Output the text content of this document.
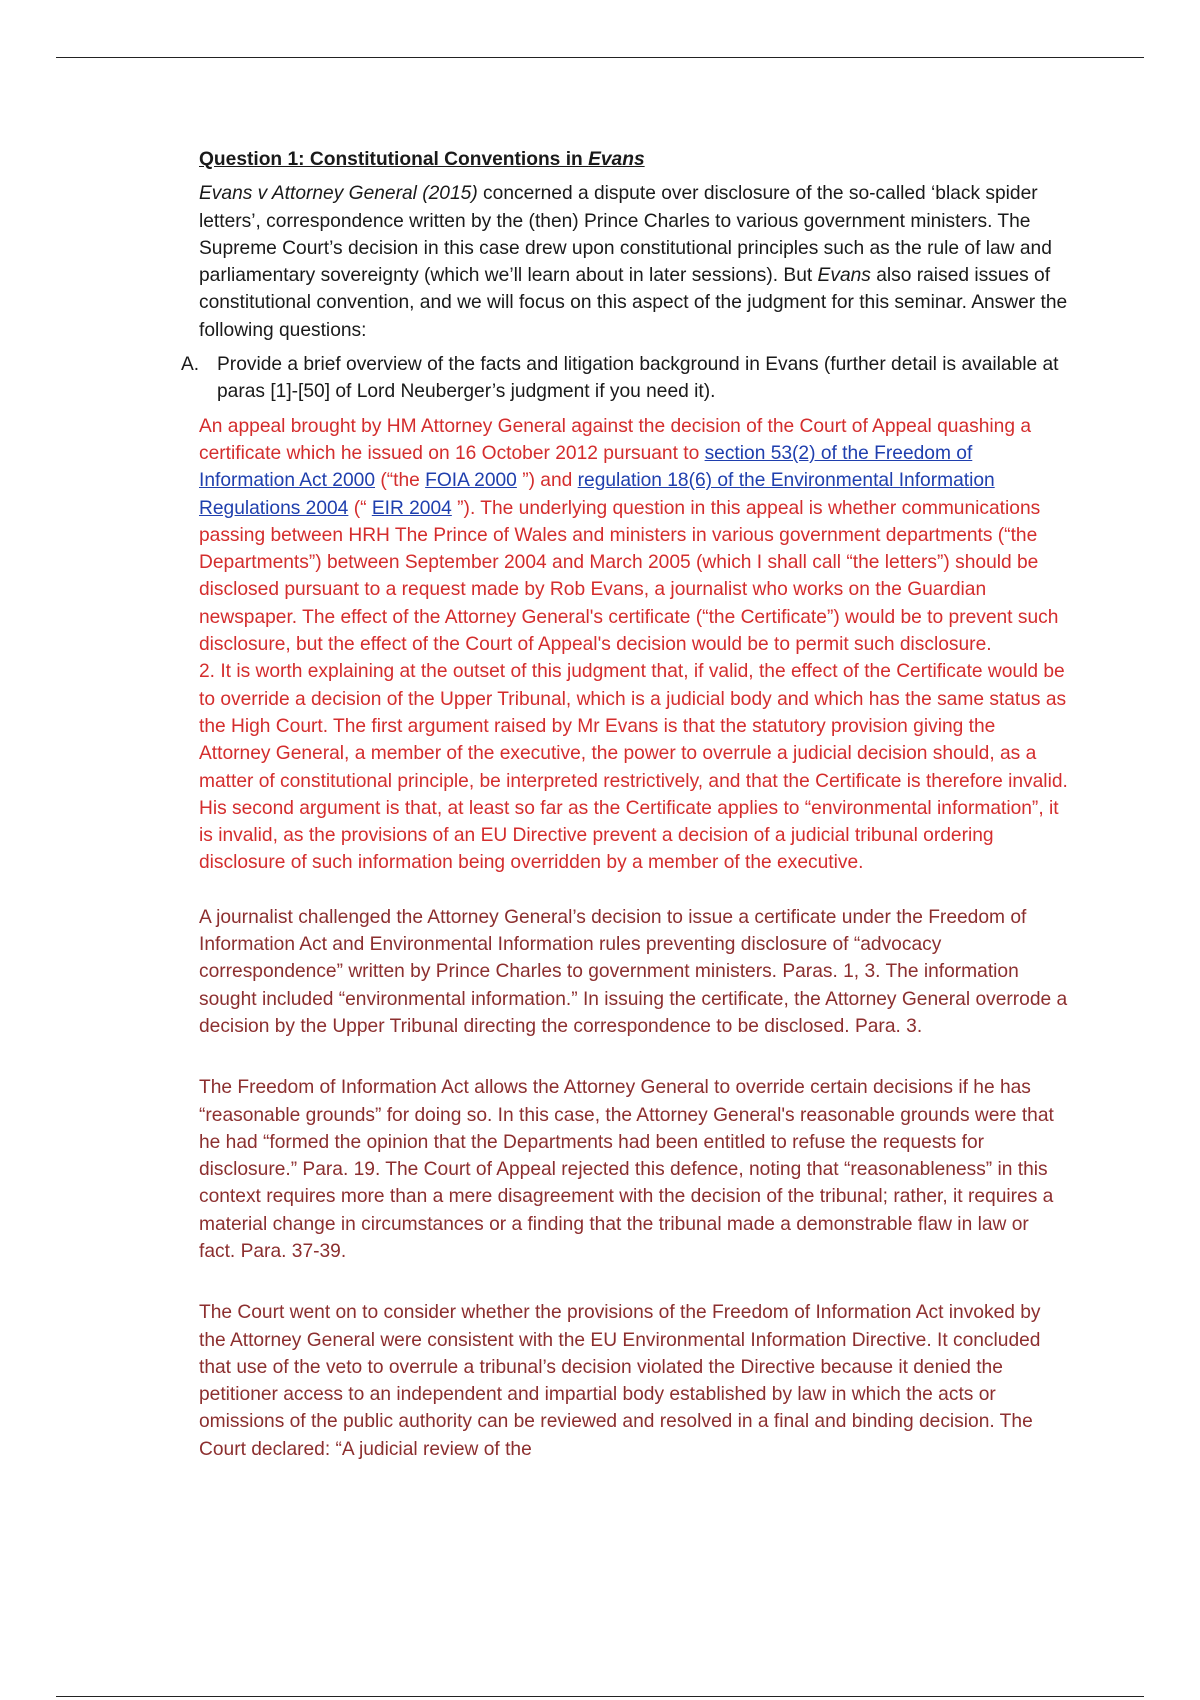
Question 1: Constitutional Conventions in Evans

Evans v Attorney General (2015) concerned a dispute over disclosure of the so-called ‘black spider letters’, correspondence written by the (then) Prince Charles to various government ministers. The Supreme Court’s decision in this case drew upon constitutional principles such as the rule of law and parliamentary sovereignty (which we’ll learn about in later sessions). But Evans also raised issues of constitutional convention, and we will focus on this aspect of the judgment for this seminar. Answer the following questions:

A. Provide a brief overview of the facts and litigation background in Evans (further detail is available at paras [1]-[50] of Lord Neuberger’s judgment if you need it).

An appeal brought by HM Attorney General against the decision of the Court of Appeal quashing a certificate which he issued on 16 October 2012 pursuant to section 53(2) of the Freedom of Information Act 2000 (“the FOIA 2000 ”) and regulation 18(6) of the Environmental Information Regulations 2004 (“ EIR 2004 ”). The underlying question in this appeal is whether communications passing between HRH The Prince of Wales and ministers in various government departments (“the Departments”) between September 2004 and March 2005 (which I shall call “the letters”) should be disclosed pursuant to a request made by Rob Evans, a journalist who works on the Guardian newspaper. The effect of the Attorney General's certificate (“the Certificate”) would be to prevent such disclosure, but the effect of the Court of Appeal's decision would be to permit such disclosure.

2. It is worth explaining at the outset of this judgment that, if valid, the effect of the Certificate would be to override a decision of the Upper Tribunal, which is a judicial body and which has the same status as the High Court. The first argument raised by Mr Evans is that the statutory provision giving the Attorney General, a member of the executive, the power to overrule a judicial decision should, as a matter of constitutional principle, be interpreted restrictively, and that the Certificate is therefore invalid. His second argument is that, at least so far as the Certificate applies to “environmental information”, it is invalid, as the provisions of an EU Directive prevent a decision of a judicial tribunal ordering disclosure of such information being overridden by a member of the executive.

A journalist challenged the Attorney General’s decision to issue a certificate under the Freedom of Information Act and Environmental Information rules preventing disclosure of “advocacy correspondence” written by Prince Charles to government ministers. Paras. 1, 3. The information sought included “environmental information.” In issuing the certificate, the Attorney General overrode a decision by the Upper Tribunal directing the correspondence to be disclosed. Para. 3.

The Freedom of Information Act allows the Attorney General to override certain decisions if he has “reasonable grounds” for doing so. In this case, the Attorney General's reasonable grounds were that he had “formed the opinion that the Departments had been entitled to refuse the requests for disclosure.” Para. 19. The Court of Appeal rejected this defence, noting that “reasonableness” in this context requires more than a mere disagreement with the decision of the tribunal; rather, it requires a material change in circumstances or a finding that the tribunal made a demonstrable flaw in law or fact. Para. 37-39.

The Court went on to consider whether the provisions of the Freedom of Information Act invoked by the Attorney General were consistent with the EU Environmental Information Directive. It concluded that use of the veto to overrule a tribunal’s decision violated the Directive because it denied the petitioner access to an independent and impartial body established by law in which the acts or omissions of the public authority can be reviewed and resolved in a final and binding decision. The Court declared: “A judicial review of the
